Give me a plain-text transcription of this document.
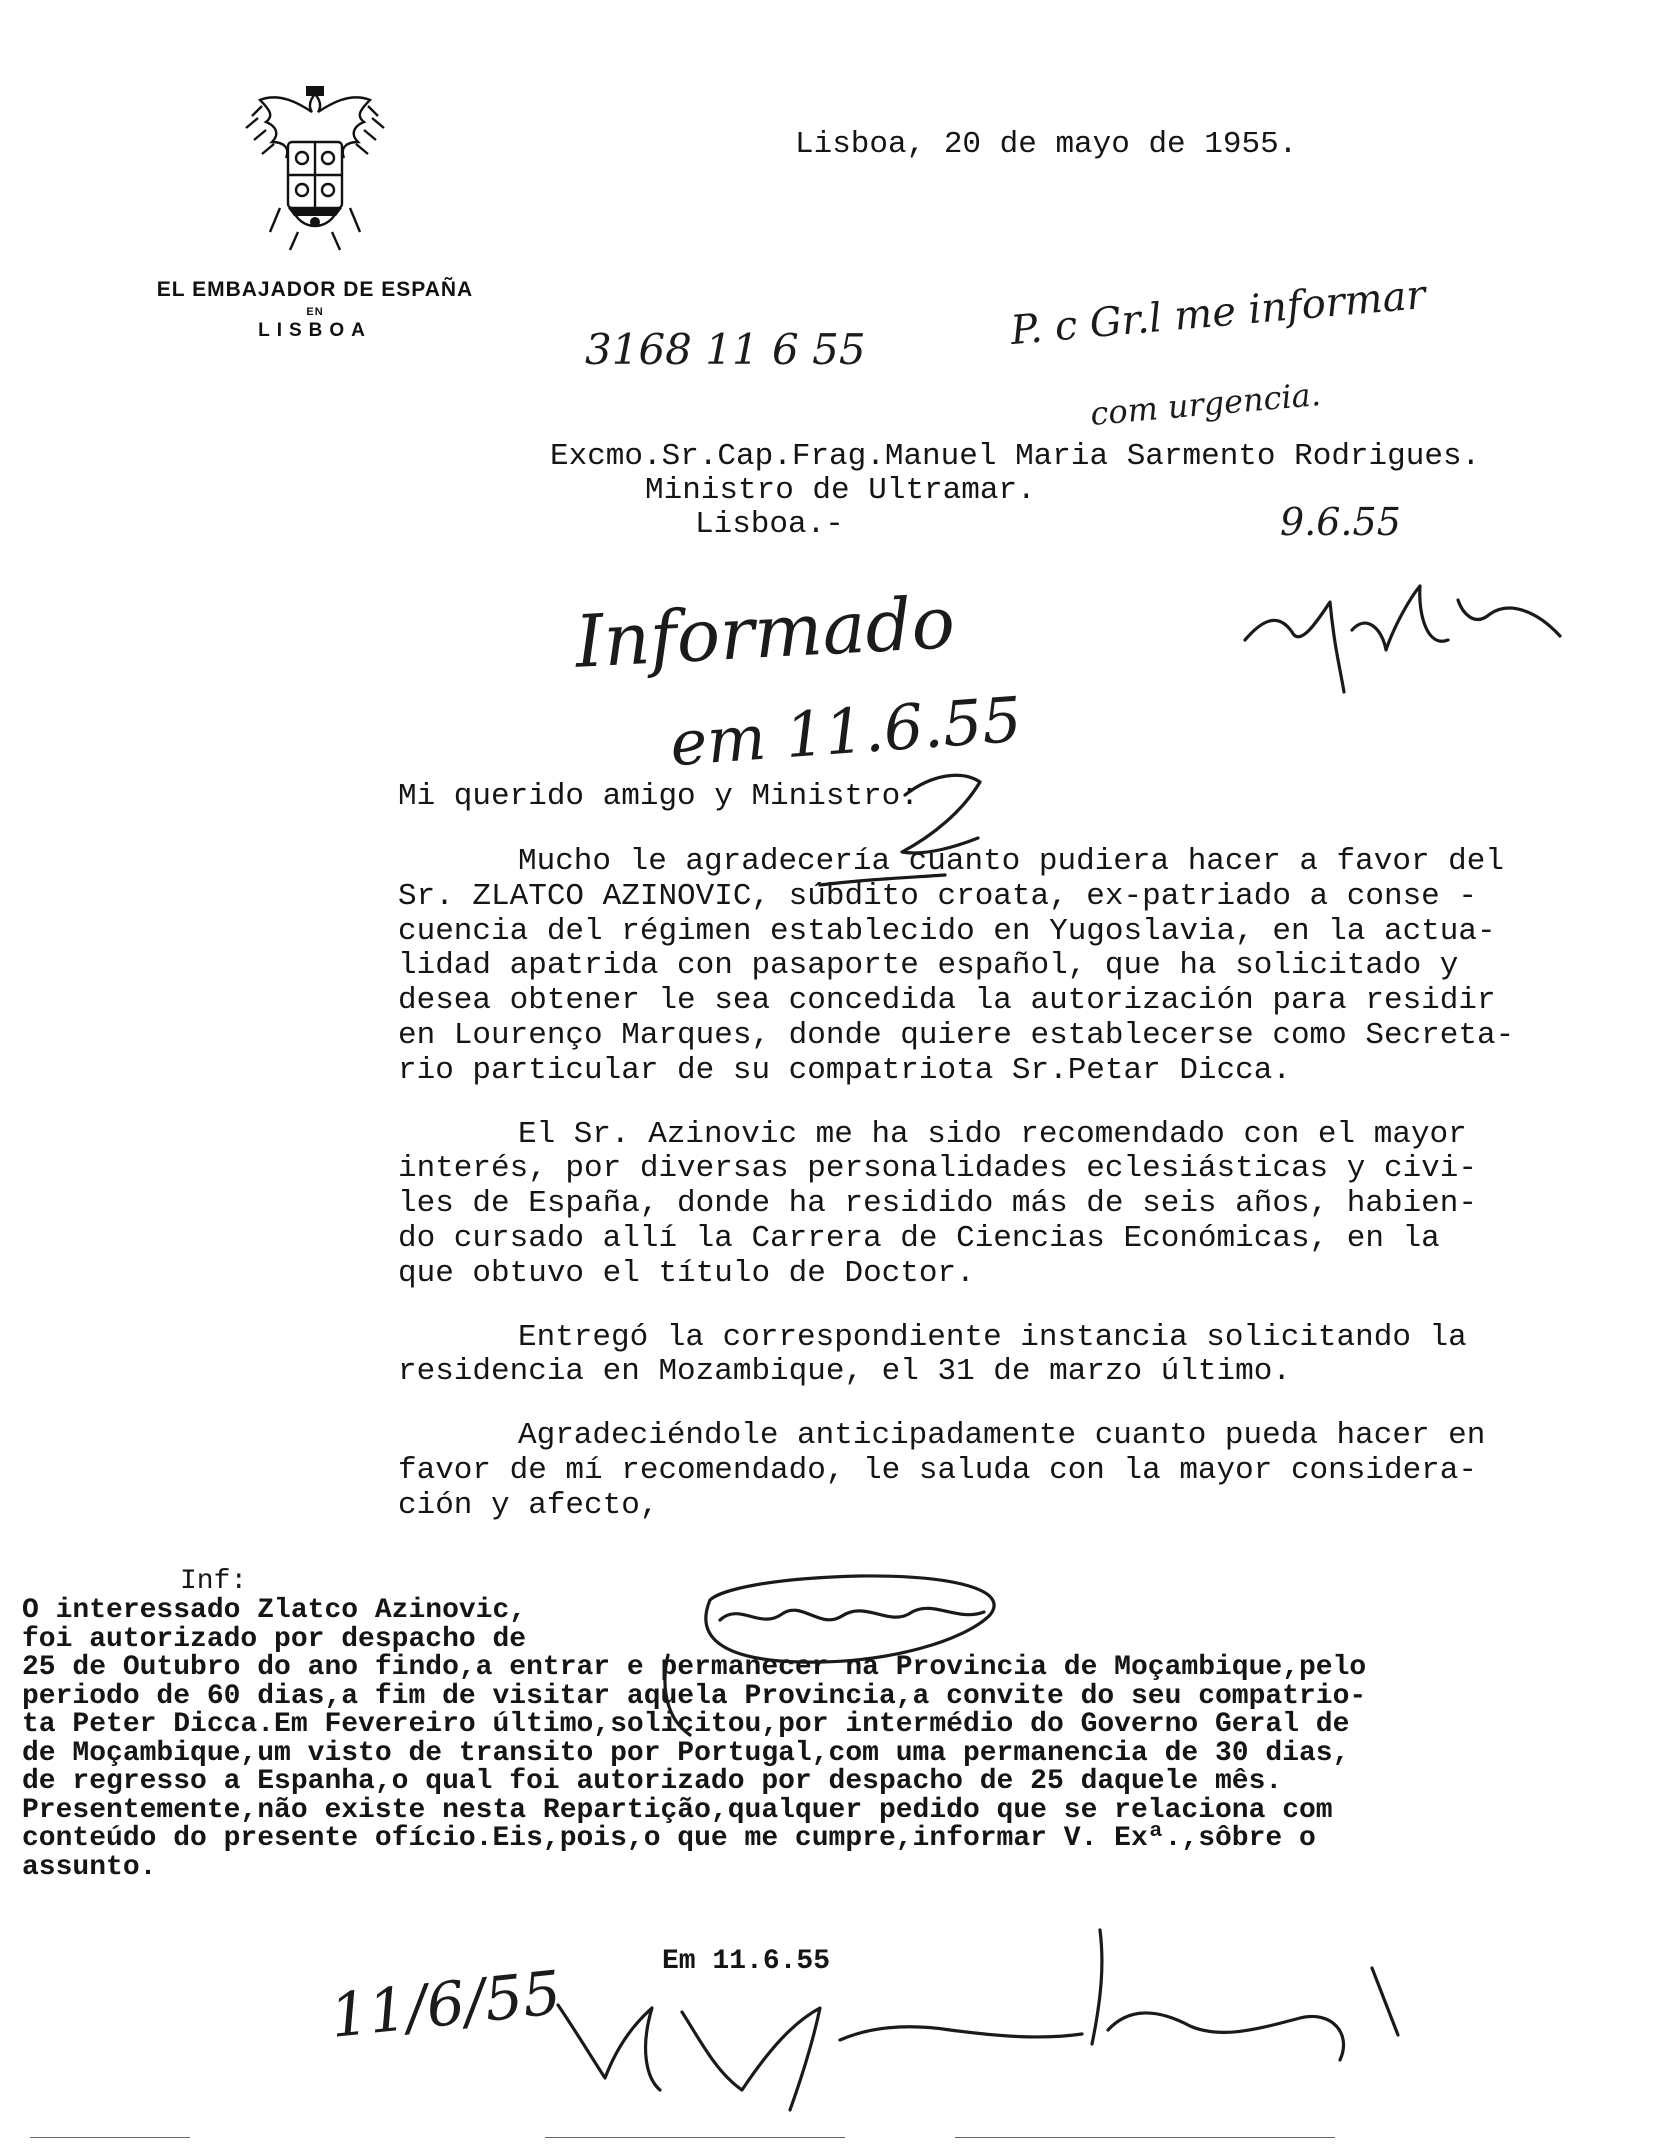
EL EMBAJADOR DE ESPAÑA
EN
LISBOA
Lisboa, 20 de mayo de 1955.
3168 11 6 55	P. c Gr.l me informar
com urgencia.
9.6.55
Excmo.Sr.Cap.Frag.Manuel Maria Sarmento Rodrigues.
Ministro de Ultramar.
Lisboa.-
Informado
em 11.6.55
Mi querido amigo y Ministro:

Mucho le agradecería cuanto pudiera hacer a favor del
Sr. ZLATCO AZINOVIC, súbdito croata, ex-patriado a conse -
cuencia del régimen establecido en Yugoslavia, en la actua-
lidad apatrida con pasaporte español, que ha solicitado y
desea obtener le sea concedida la autorización para residir
en Lourenço Marques, donde quiere establecerse como Secreta-
rio particular de su compatriota Sr.Petar Dicca.

El Sr. Azinovic me ha sido recomendado con el mayor
interés, por diversas personalidades eclesiásticas y civi-
les de España, donde ha residido más de seis años, habien-
do cursado allí la Carrera de Ciencias Económicas, en la
que obtuvo el título de Doctor.

Entregó la correspondiente instancia solicitando la
residencia en Mozambique, el 31 de marzo último.

Agradeciéndole anticipadamente cuanto pueda hacer en
favor de mí recomendado, le saluda con la mayor considera-
ción y afecto,

Inf:
O interessado Zlatco Azinovic,
foi autorizado por despacho de
25 de Outubro do ano findo,a entrar e permanecer na Provincia de Moçambique,pelo
periodo de 60 dias,a fim de visitar aquela Provincia,a convite do seu compatrio-
ta Peter Dicca.Em Fevereiro último,solicitou,por intermédio do Governo Geral de
de Moçambique,um visto de transito por Portugal,com uma permanencia de 30 dias,
de regresso a Espanha,o qual foi autorizado por despacho de 25 daquele mês.
Presentemente,não existe nesta Repartição,qualquer pedido que se relaciona com
conteúdo do presente ofício.Eis,pois,o que me cumpre,informar V. Exª.,sôbre o
assunto.
Em 11.6.55
11/6/55
